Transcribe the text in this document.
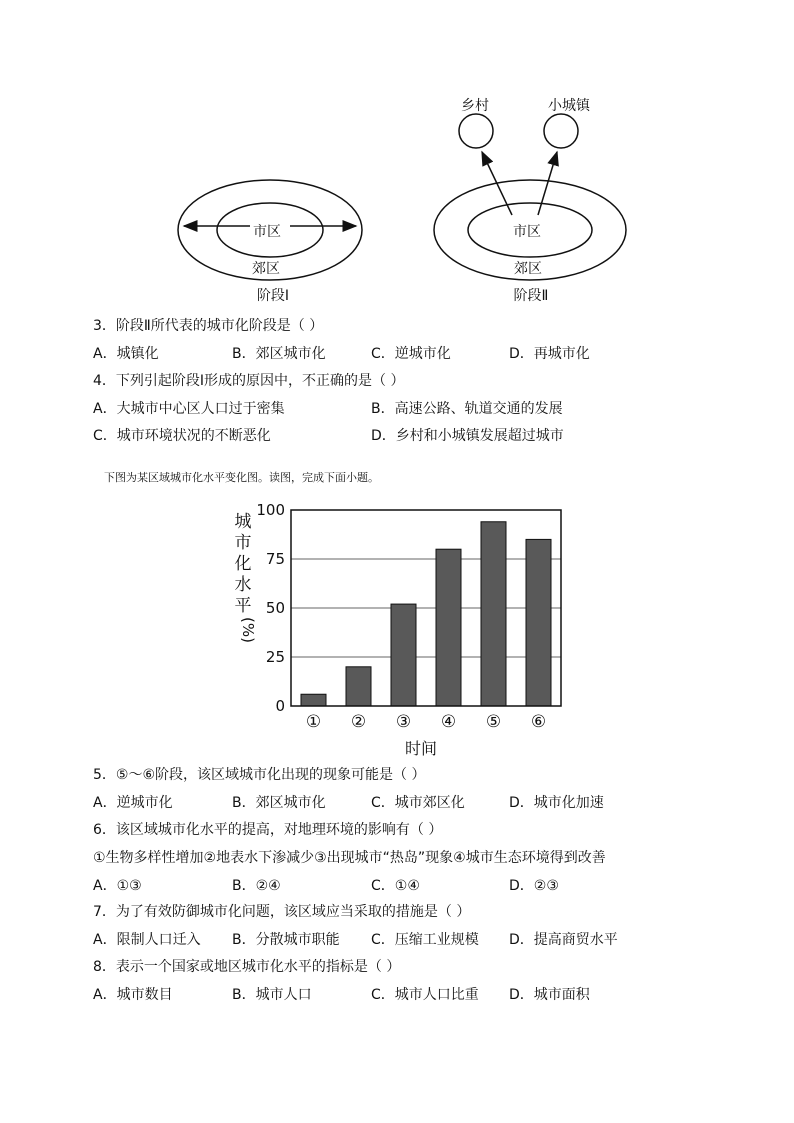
市区
郊区
阶段Ⅰ
乡村	小城镇
市区
郊区
阶段Ⅱ
3．阶段Ⅱ所代表的城市化阶段是（ ）
A．城镇化	B．郊区城市化	C．逆城市化	D．再城市化
4．下列引起阶段Ⅰ形成的原因中，不正确的是（ ）
A．大城市中心区人口过于密集	B．高速公路、轨道交通的发展
C．城市环境状况的不断恶化	D．乡村和小城镇发展超过城市
下图为某区域城市化水平变化图。读图，完成下面小题。
① ② ③ ④ ⑤ ⑥
0
25
50
75
100
城
市
化
水
平
(%)
时间
5．⑤～⑥阶段，该区域城市化出现的现象可能是（ ）
A．逆城市化	B．郊区城市化	C．城市郊区化	D．城市化加速
6．该区域城市化水平的提高，对地理环境的影响有（ ）
①生物多样性增加②地表水下渗减少③出现城市“热岛”现象④城市生态环境得到改善
A．①③	B．②④	C．①④	D．②③
7．为了有效防御城市化问题，该区域应当采取的措施是（ ）
A．限制人口迁入 B．分散城市职能 C．压缩工业规模 D．提高商贸水平
8．表示一个国家或地区城市化水平的指标是（ ）
A．城市数目	B．城市人口	C．城市人口比重 D．城市面积
